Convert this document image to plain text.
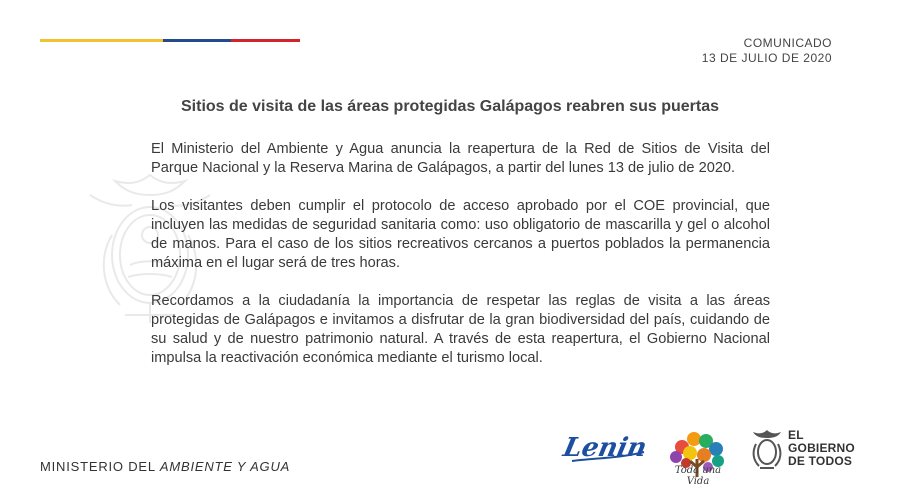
COMUNICADO
13 DE JULIO DE 2020
Sitios de visita de las áreas protegidas Galápagos reabren sus puertas

El Ministerio del Ambiente y Agua anuncia la reapertura de la Red de Sitios de Visita del Parque Nacional y la Reserva Marina de Galápagos, a partir del lunes 13 de julio de 2020.

Los visitantes deben cumplir el protocolo de acceso aprobado por el COE provincial, que incluyen las medidas de seguridad sanitaria como: uso obligatorio de mascarilla y gel o alcohol de manos. Para el caso de los sitios recreativos cercanos a puertos poblados la permanencia máxima en el lugar será de tres horas.

Recordamos a la ciudadanía la importancia de respetar las reglas de visita a las áreas protegidas de Galápagos e invitamos a disfrutar de la gran biodiversidad del país, cuidando de su salud y de nuestro patrimonio natural. A través de esta reapertura, el Gobierno Nacional impulsa la reactivación económica mediante el turismo local.

MINISTERIO DEL AMBIENTE Y AGUA
Lenin
Toda una Vida
EL
GOBIERNO
DE TODOS
